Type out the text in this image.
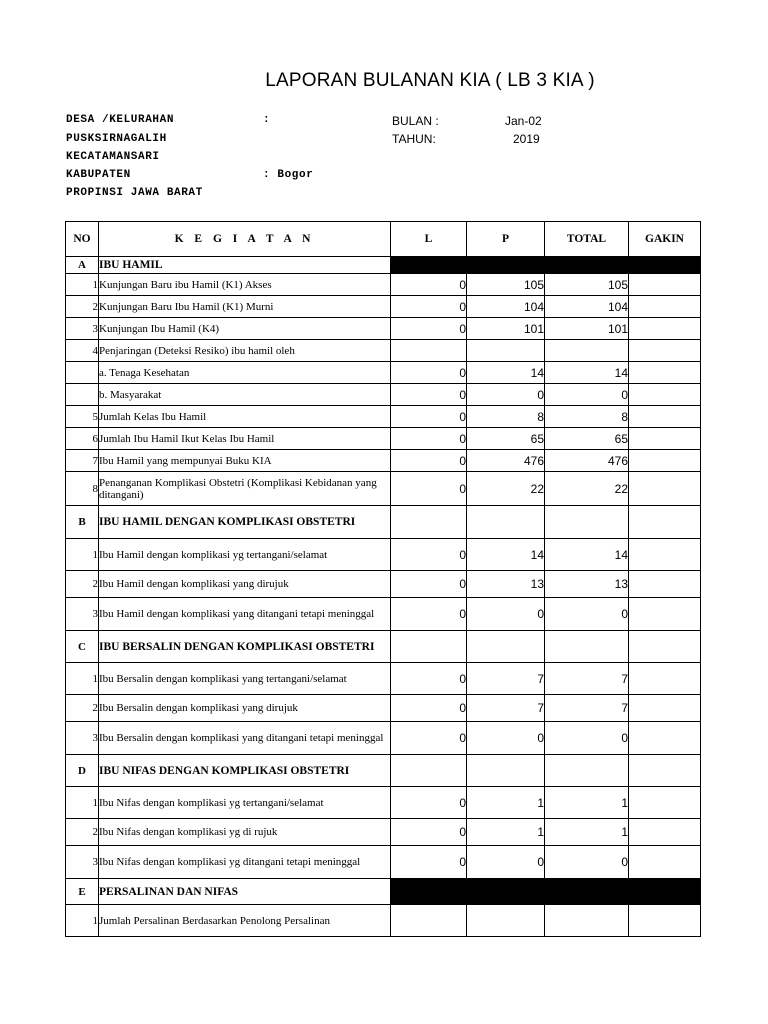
LAPORAN BULANAN KIA ( LB 3 KIA )
DESA /KELURAHAN	:
PUSKSIRNAGALIH
KECATAMANSARI
KABUPATEN	: Bogor
PROPINSI JAWA BARAT
BULAN :	Jan-02
TAHUN:	2019
NO	K E G I A T A N	L	P	TOTAL	GAKIN
A	IBU HAMIL				
1	Kunjungan Baru ibu Hamil (K1) Akses	0	105	105	
2	Kunjungan Baru Ibu Hamil (K1) Murni	0	104	104	
3	Kunjungan Ibu Hamil (K4)	0	101	101	
4	Penjaringan (Deteksi Resiko) ibu hamil oleh				
	a. Tenaga Kesehatan	0	14	14	
	b. Masyarakat	0	0	0	
5	Jumlah Kelas Ibu Hamil	0	8	8	
6	Jumlah Ibu Hamil Ikut Kelas Ibu Hamil	0	65	65	
7	Ibu Hamil yang mempunyai Buku KIA	0	476	476	
8	Penanganan Komplikasi Obstetri (Komplikasi Kebidanan yang ditangani)	0	22	22	
B	IBU HAMIL DENGAN KOMPLIKASI OBSTETRI				
1	Ibu Hamil dengan komplikasi yg tertangani/selamat	0	14	14	
2	Ibu Hamil dengan komplikasi yang dirujuk	0	13	13	
3	Ibu Hamil dengan komplikasi yang ditangani tetapi meninggal	0	0	0	
C	IBU BERSALIN DENGAN KOMPLIKASI OBSTETRI				
1	Ibu Bersalin dengan komplikasi yang tertangani/selamat	0	7	7	
2	Ibu Bersalin dengan komplikasi yang dirujuk	0	7	7	
3	Ibu Bersalin dengan komplikasi yang ditangani tetapi meninggal	0	0	0	
D	IBU NIFAS DENGAN KOMPLIKASI OBSTETRI				
1	Ibu Nifas dengan komplikasi yg tertangani/selamat	0	1	1	
2	Ibu Nifas dengan komplikasi yg di rujuk	0	1	1	
3	Ibu Nifas dengan komplikasi yg ditangani tetapi meninggal	0	0	0	
E	PERSALINAN DAN NIFAS				
1	Jumlah Persalinan Berdasarkan Penolong Persalinan				
